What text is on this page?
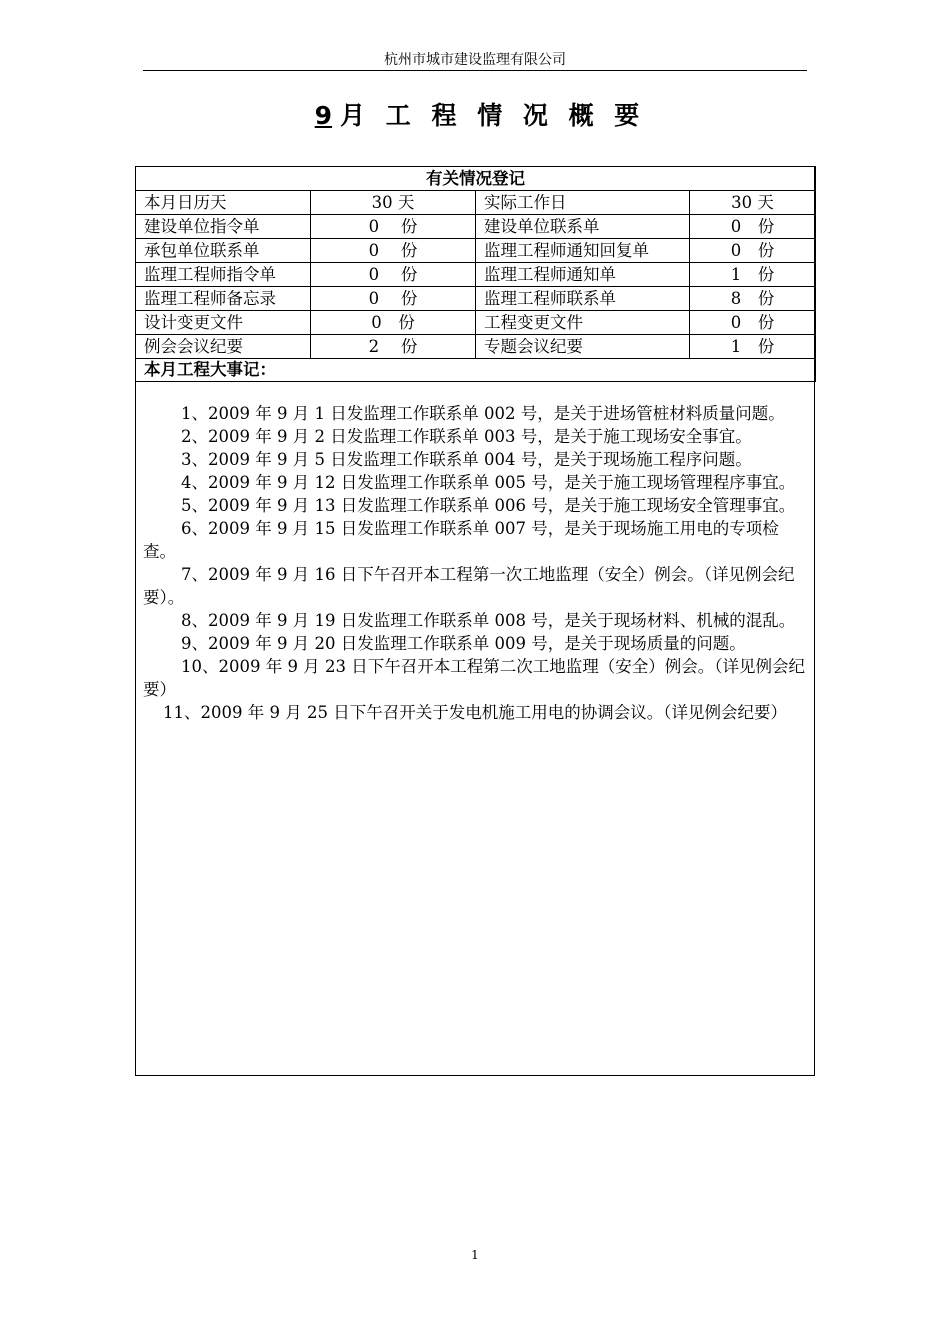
杭州市城市建设监理有限公司
9 月 工 程 情 况 概 要
有关情况登记			
本月日历天	30 天	实际工作日	30 天
建设单位指令单	0　 份	建设单位联系单	0　份
承包单位联系单	0　 份	监理工程师通知回复单	0　份
监理工程师指令单	0　 份	监理工程师通知单	1　份
监理工程师备忘录	0　 份	监理工程师联系单	8　份
设计变更文件	0　份	工程变更文件	0　份
例会会议纪要	2　 份	专题会议纪要	1　份
本月工程大事记：			

1、2009 年 9 月 1 日发监理工作联系单 002 号，是关于进场管桩材料质量问题。

2、2009 年 9 月 2 日发监理工作联系单 003 号，是关于施工现场安全事宜。

3、2009 年 9 月 5 日发监理工作联系单 004 号，是关于现场施工程序问题。

4、2009 年 9 月 12 日发监理工作联系单 005 号，是关于施工现场管理程序事宜。

5、2009 年 9 月 13 日发监理工作联系单 006 号，是关于施工现场安全管理事宜。

6、2009 年 9 月 15 日发监理工作联系单 007 号，是关于现场施工用电的专项检查。

7、2009 年 9 月 16 日下午召开本工程第一次工地监理（安全）例会。（详见例会纪要）。

8、2009 年 9 月 19 日发监理工作联系单 008 号，是关于现场材料、机械的混乱。

9、2009 年 9 月 20 日发监理工作联系单 009 号，是关于现场质量的问题。

10、2009 年 9 月 23 日下午召开本工程第二次工地监理（安全）例会。（详见例会纪要）

11、2009 年 9 月 25 日下午召开关于发电机施工用电的协调会议。（详见例会纪要）

1
